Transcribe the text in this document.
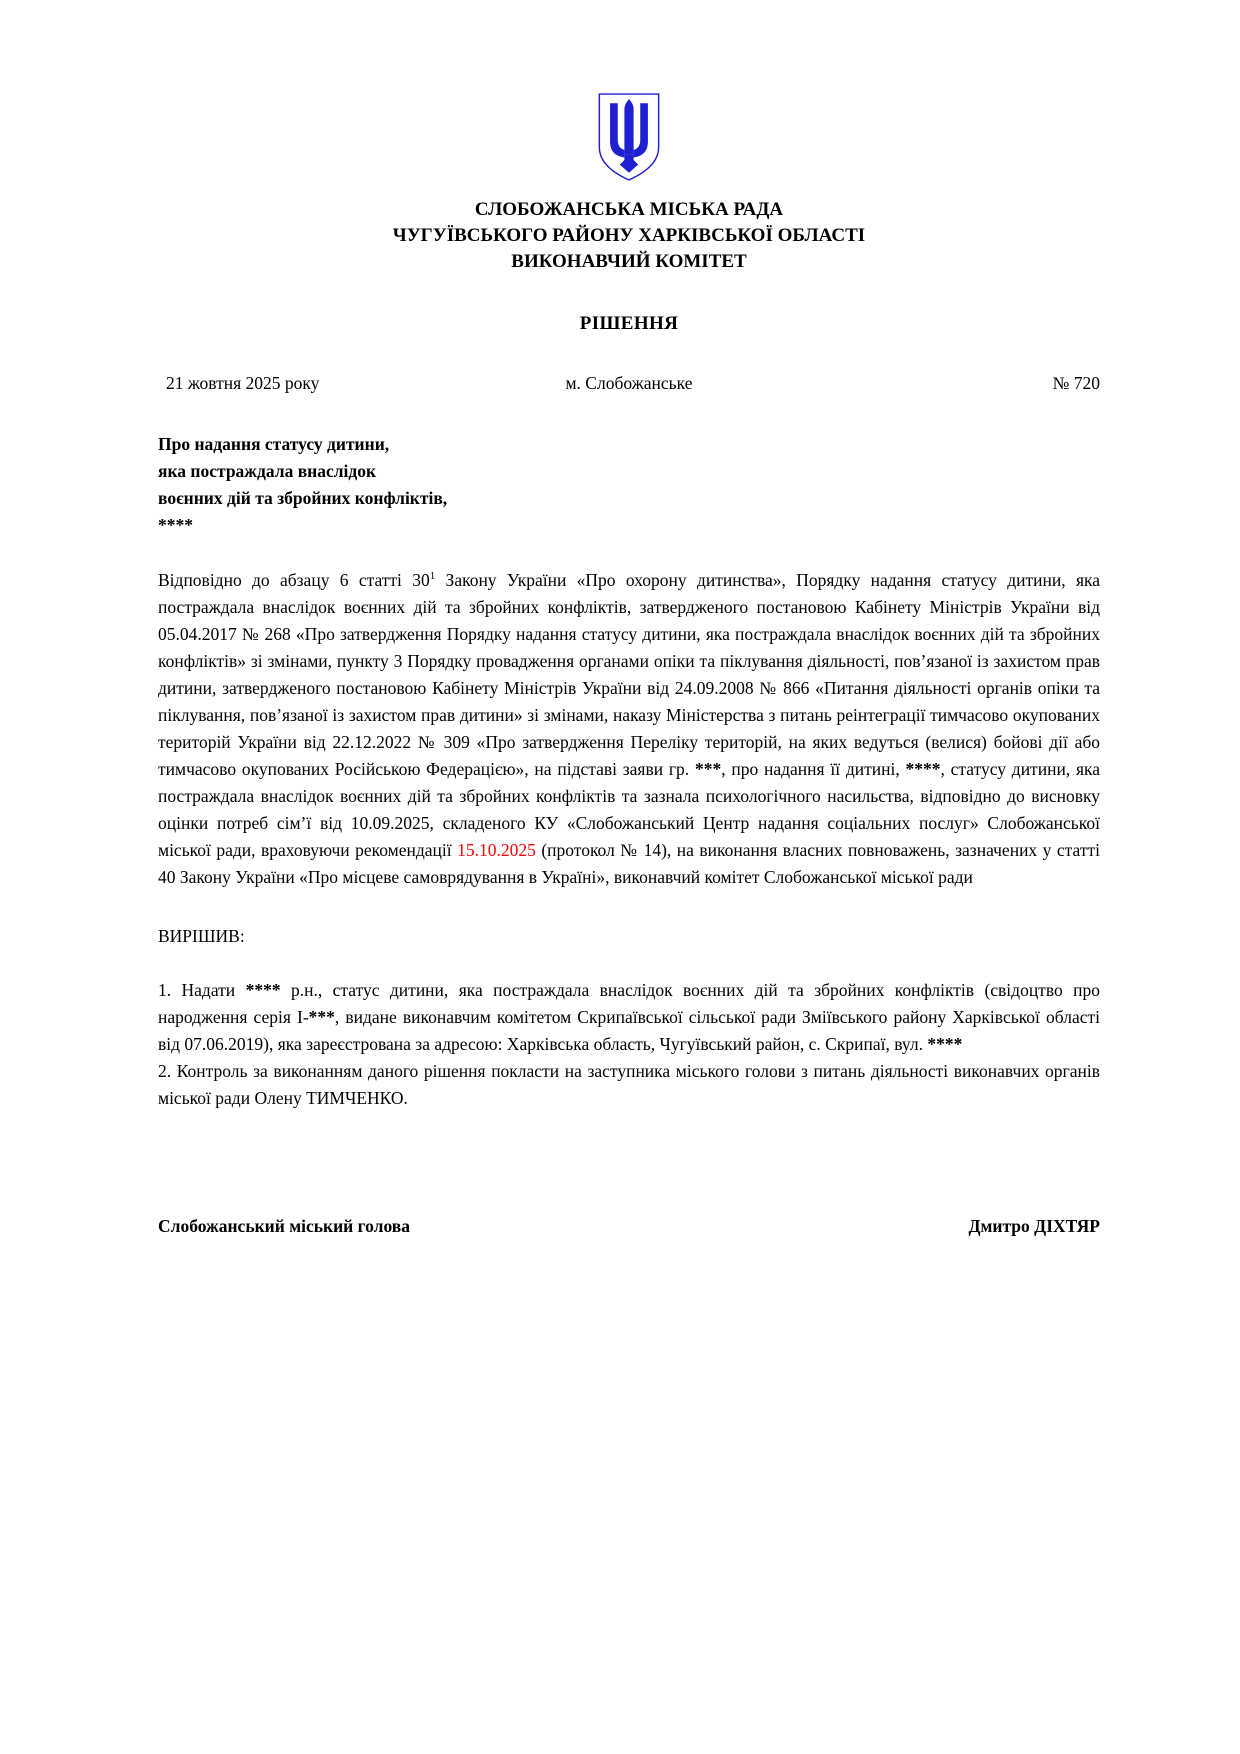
СЛОБОЖАНСЬКА МІСЬКА РАДА
ЧУГУЇВСЬКОГО РАЙОНУ ХАРКІВСЬКОЇ ОБЛАСТІ
ВИКОНАВЧИЙ КОМІТЕТ
РІШЕННЯ
21 жовтня 2025 року	м. Слобожанське	№ 720
Про надання статусу дитини,
яка постраждала внаслідок
воєнних дій та збройних конфліктів,
****

Відповідно до абзацу 6 статті $30^1$ Закону України «Про охорону дитинства», Порядку надання статусу дитини, яка постраждала внаслідок воєнних дій та збройних конфліктів, затвердженого постановою Кабінету Міністрів України від 05.04.2017 № 268 «Про затвердження Порядку надання статусу дитини, яка постраждала внаслідок воєнних дій та збройних конфліктів» зі змінами, пункту 3 Порядку провадження органами опіки та піклування діяльності, пов’язаної із захистом прав дитини, затвердженого постановою Кабінету Міністрів України від 24.09.2008 № 866 «Питання діяльності органів опіки та піклування, пов’язаної із захистом прав дитини» зі змінами, наказу Міністерства з питань реінтеграції тимчасово окупованих територій України від 22.12.2022 № 309 «Про затвердження Переліку територій, на яких ведуться (велися) бойові дії або тимчасово окупованих Російською Федерацією», на підставі заяви гр. ***, про надання її дитині, ****, статусу дитини, яка постраждала внаслідок воєнних дій та збройних конфліктів та зазнала психологічного насильства, відповідно до висновку оцінки потреб сім’ї від 10.09.2025, складеного КУ «Слобожанський Центр надання соціальних послуг» Слобожанської міської ради, враховуючи рекомендації 15.10.2025 (протокол № 14), на виконання власних повноважень, зазначених у статті 40 Закону України «Про місцеве самоврядування в Україні», виконавчий комітет Слобожанської міської ради

ВИРІШИВ:
1. Надати **** р.н., статус дитини, яка постраждала внаслідок воєнних дій та збройних конфліктів (свідоцтво про народження серія І-***, видане виконавчим комітетом Скрипаївської сільської ради Зміївського району Харківської області від 07.06.2019), яка зареєстрована за адресою: Харківська область, Чугуївський район, с. Скрипаї, вул. ****
2. Контроль за виконанням даного рішення покласти на заступника міського голови з питань діяльності виконавчих органів міської ради Олену ТИМЧЕНКО.
Слобожанський міський голова	Дмитро ДІХТЯР
